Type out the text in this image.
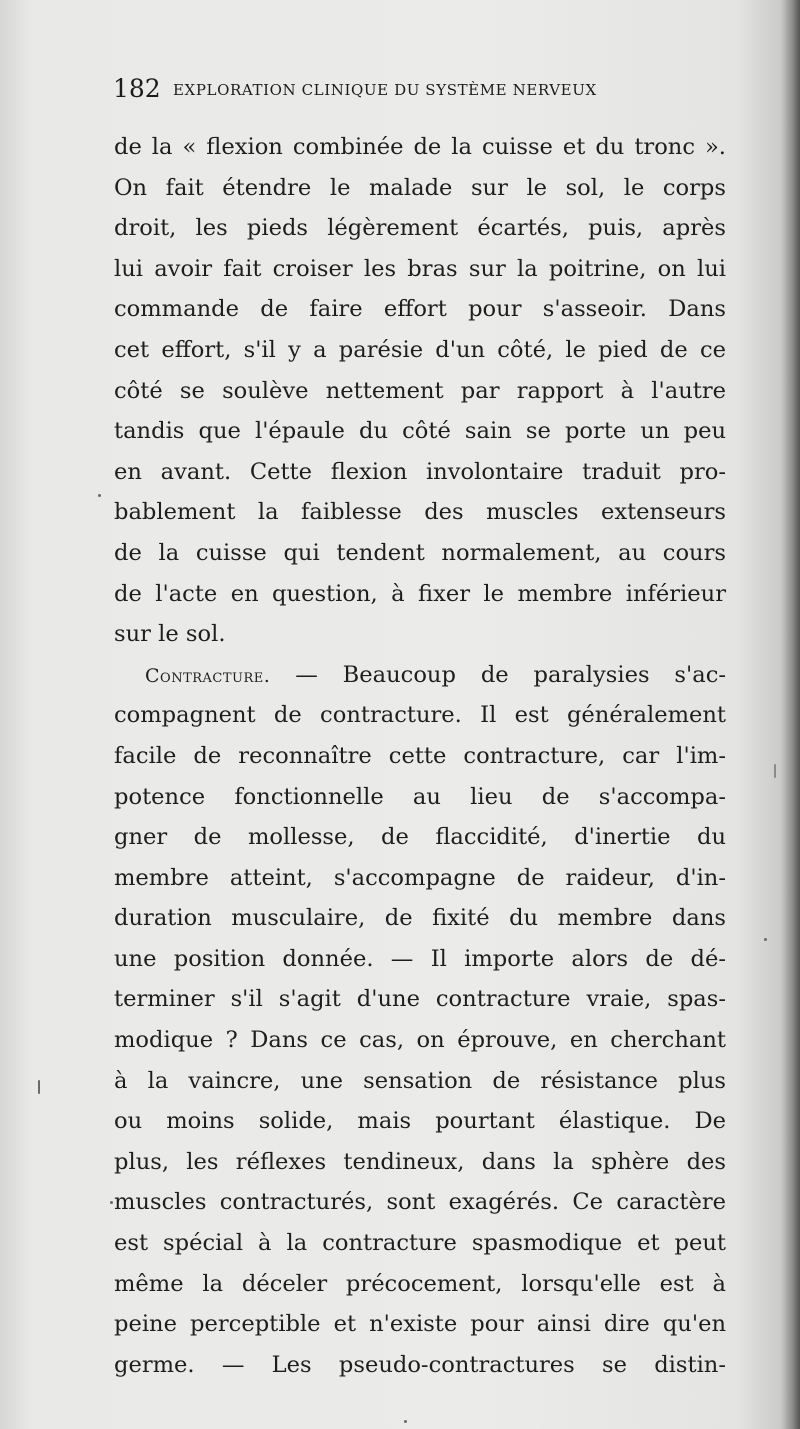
182 EXPLORATION CLINIQUE DU SYSTÈME NERVEUX
de la « flexion combinée de la cuisse et du tronc ».
On fait étendre le malade sur le sol, le corps
droit, les pieds légèrement écartés, puis, après
lui avoir fait croiser les bras sur la poitrine, on lui
commande de faire effort pour s'asseoir. Dans
cet effort, s'il y a parésie d'un côté, le pied de ce
côté se soulève nettement par rapport à l'autre
tandis que l'épaule du côté sain se porte un peu
en avant. Cette flexion involontaire traduit pro-
bablement la faiblesse des muscles extenseurs
de la cuisse qui tendent normalement, au cours
de l'acte en question, à fixer le membre inférieur
sur le sol.
Contracture. — Beaucoup de paralysies s'ac-
compagnent de contracture. Il est généralement
facile de reconnaître cette contracture, car l'im-
potence fonctionnelle au lieu de s'accompa-
gner de mollesse, de flaccidité, d'inertie du
membre atteint, s'accompagne de raideur, d'in-
duration musculaire, de fixité du membre dans
une position donnée. — Il importe alors de dé-
terminer s'il s'agit d'une contracture vraie, spas-
modique ? Dans ce cas, on éprouve, en cherchant
à la vaincre, une sensation de résistance plus
ou moins solide, mais pourtant élastique. De
plus, les réflexes tendineux, dans la sphère des
muscles contracturés, sont exagérés. Ce caractère
est spécial à la contracture spasmodique et peut
même la déceler précocement, lorsqu'elle est à
peine perceptible et n'existe pour ainsi dire qu'en
germe. — Les pseudo-contractures se distin-
